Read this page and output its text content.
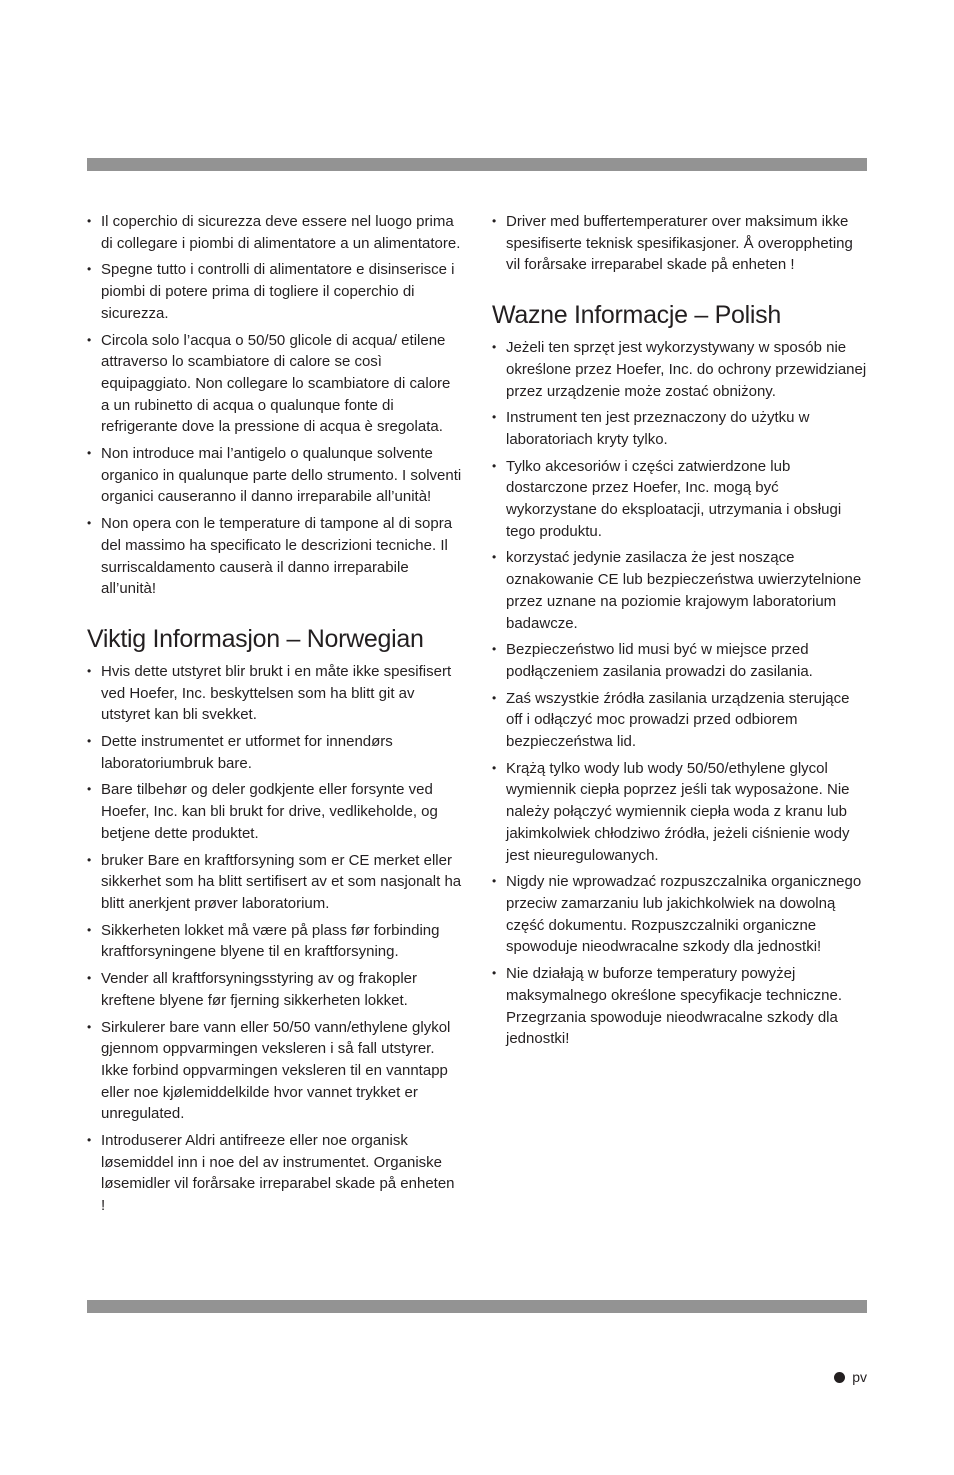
• Il coperchio di sicurezza deve essere nel luogo prima di collegare i piombi di alimentatore a un alimentatore.
• Spegne tutto i controlli di alimentatore e disinserisce i piombi di potere prima di togliere il coperchio di sicurezza.
• Circola solo l’acqua o 50/50 glicole di acqua/ etilene attraverso lo scambiatore di calore se così equipaggiato. Non collegare lo scambiatore di calore a un rubinetto di acqua o qualunque fonte di refrigerante dove la pressione di acqua è sregolata.
• Non introduce mai l’antigelo o qualunque solvente organico in qualunque parte dello strumento. I solventi organici causeranno il danno irreparabile all’unità!
• Non opera con le temperature di tampone al di sopra del massimo ha specificato le descrizioni tecniche. Il surriscaldamento causerà il danno irreparabile all’unità!
Viktig Informasjon – Norwegian
• Hvis dette utstyret blir brukt i en måte ikke spesifisert ved Hoefer, Inc. beskyttelsen som ha blitt git av utstyret kan bli svekket.
• Dette instrumentet er utformet for innendørs laboratoriumbruk bare.
• Bare tilbehør og deler godkjente eller forsynte ved Hoefer, Inc. kan bli brukt for drive, vedlikeholde, og betjene dette produktet.
• bruker Bare en kraftforsyning som er CE merket eller sikkerhet som ha blitt sertifisert av et som nasjonalt ha blitt anerkjent prøver laboratorium.
• Sikkerheten lokket må være på plass før forbinding kraftforsyningene blyene til en kraftforsyning.
• Vender all kraftforsyningsstyring av og frakopler kreftene blyene før fjerning sikkerheten lokket.
• Sirkulerer bare vann eller 50/50 vann/ethylene glykol gjennom oppvarmingen veksleren i så fall utstyrer. Ikke forbind oppvarmingen veksleren til en vanntapp eller noe kjølemiddelkilde hvor vannet trykket er unregulated.
• Introduserer Aldri antifreeze eller noe organisk løsemiddel inn i noe del av instrumentet. Organiske løsemidler vil forårsake irreparabel skade på enheten !
• Driver med buffertemperaturer over maksimum ikke spesifiserte teknisk spesifikasjoner. Å overoppheting vil forårsake irreparabel skade på enheten !
Wazne Informacje – Polish
• Jeżeli ten sprzęt jest wykorzystywany w sposób nie określone przez Hoefer, Inc. do ochrony przewidzianej przez urządzenie może zostać obniżony.
• Instrument ten jest przeznaczony do użytku w laboratoriach kryty tylko.
• Tylko akcesoriów i części zatwierdzone lub dostarczone przez Hoefer, Inc. mogą być wykorzystane do eksploatacji, utrzymania i obsługi tego produktu.
• korzystać jedynie zasilacza że jest noszące oznakowanie CE lub bezpieczeństwa uwierzytelnione przez uznane na poziomie krajowym laboratorium badawcze.
• Bezpieczeństwo lid musi być w miejsce przed podłączeniem zasilania prowadzi do zasilania.
• Zaś wszystkie źródła zasilania urządzenia sterujące off i odłączyć moc prowadzi przed odbiorem bezpieczeństwa lid.
• Krążą tylko wody lub wody 50/50/ethylene glycol wymiennik ciepła poprzez jeśli tak wyposażone. Nie należy połączyć wymiennik ciepła woda z kranu lub jakimkolwiek chłodziwo źródła, jeżeli ciśnienie wody jest nieuregulowanych.
• Nigdy nie wprowadzać rozpuszczalnika organicznego przeciw zamarzaniu lub jakichkolwiek na dowolną część dokumentu. Rozpuszczalniki organiczne spowoduje nieodwracalne szkody dla jednostki!
• Nie działają w buforze temperatury powyżej maksymalnego określone specyfikacje techniczne. Przegrzania spowoduje nieodwracalne szkody dla jednostki!
pv
